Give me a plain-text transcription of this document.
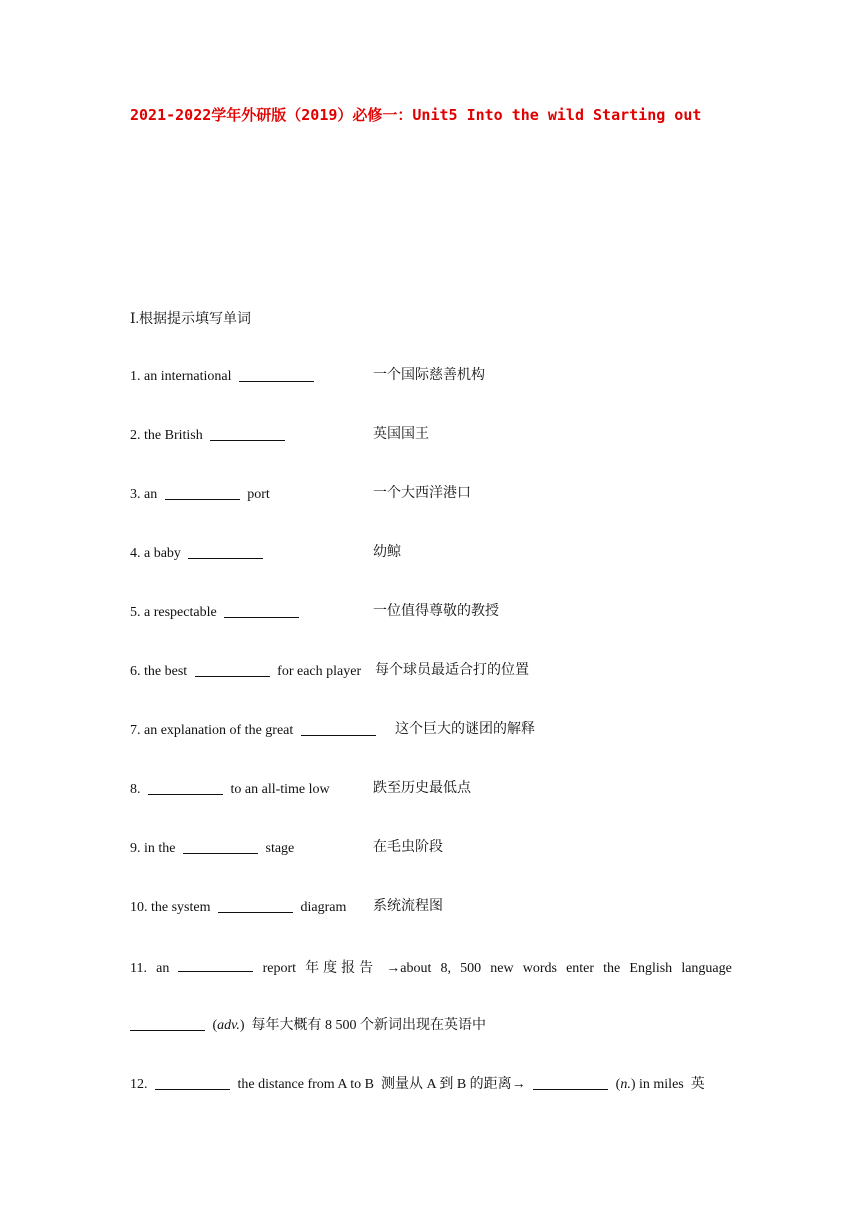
2021-2022学年外研版（2019）必修一：Unit5 Into the wild Starting out
Ⅰ.根据提示填写单词
1. an international	一个国际慈善机构
2. the British	英国国王
3. an	port	一个大西洋港口
4. a baby	幼鲸
5. a respectable	一位值得尊敬的教授
6. the best	for each player 每个球员最适合打的位置
7. an explanation of the great	这个巨大的谜团的解释
8.	to an all-time low	跌至历史最低点
9. in the	stage	在毛虫阶段
10. the system	diagram 系统流程图
11. an	report 年度报告 →about 8, 500 new words enter the English language
(adv.) 每年大概有 8 500 个新词出现在英语中
12.	the distance from A to B 测量从 A 到 B 的距离→	(n.) in miles 英
